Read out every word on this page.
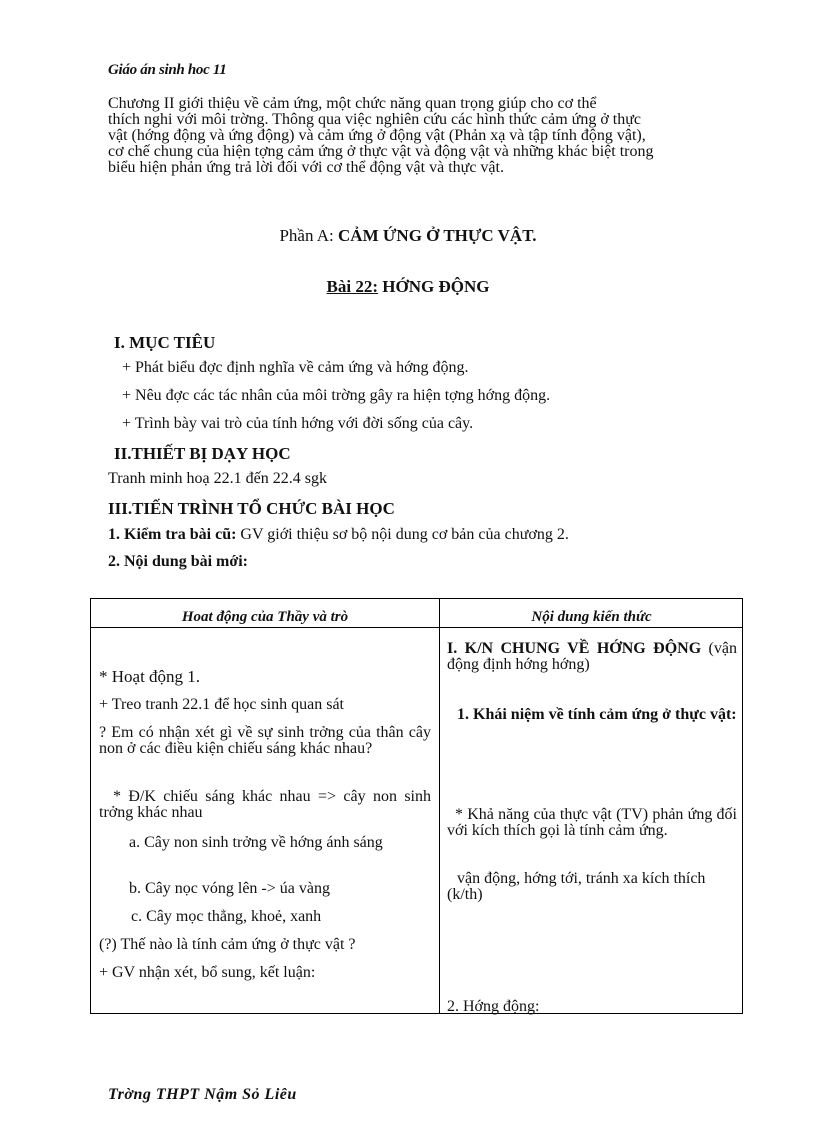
Giáo án sinh hoc 11
Chương II giới thiệu về cảm ứng, một chức năng quan trọng giúp cho cơ thể
thích nghi với môi trờng. Thông qua việc nghiên cứu các hình thức cảm ứng ở thực
vật (hớng động và ứng động) và cảm ứng ở động vật (Phản xạ và tập tính động vật),
cơ chế chung của hiện tợng cảm ứng ở thực vật và động vật và những khác biệt trong
biểu hiện phản ứng trả lời đối với cơ thể động vật và thực vật.
Phần A: CẢM ỨNG Ở THỰC VẬT.
Bài 22: HỚNG ĐỘNG
I. MỤC TIÊU
+ Phát biểu đợc định nghĩa về cảm ứng và hớng động.
+ Nêu đợc các tác nhân của môi trờng gây ra hiện tợng hớng động.
+ Trình bày vai trò của tính hớng với đời sống của cây.
II.THIẾT BỊ DẠY HỌC
Tranh minh hoạ 22.1 đến 22.4 sgk
III.TIẾN TRÌNH TỔ CHỨC BÀI HỌC
1. Kiểm tra bài cũ: GV giới thiệu sơ bộ nội dung cơ bản của chương 2.
2. Nội dung bài mới:
Hoat động của Thầy và trò	Nội dung kiến thức
* Hoạt động 1.
+ Treo tranh 22.1 để học sinh quan sát
? Em có nhận xét gì về sự sinh trởng của thân cây non ở các điều kiện chiếu sáng khác nhau?
* Đ/K chiếu sáng khác nhau => cây non sinh trởng khác nhau
a. Cây non sinh trởng về hớng ánh sáng
b. Cây nọc vóng lên -> úa vàng
c. Cây mọc thẳng, khoẻ, xanh
(?) Thế nào là tính cảm ứng ở thực vật ?
+ GV nhận xét, bổ sung, kết luận:
I. K/N CHUNG VỀ HỚNG ĐỘNG (vận động định hớng hớng)
1. Khái niệm về tính cảm ứng ở thực vật:
* Khả năng của thực vật (TV) phản ứng đối với kích thích gọi là tính cảm ứng.
vận động, hớng tới, tránh xa kích thích (k/th)
2. Hớng động:
Trờng THPT Nậm Sỏ Liêu
